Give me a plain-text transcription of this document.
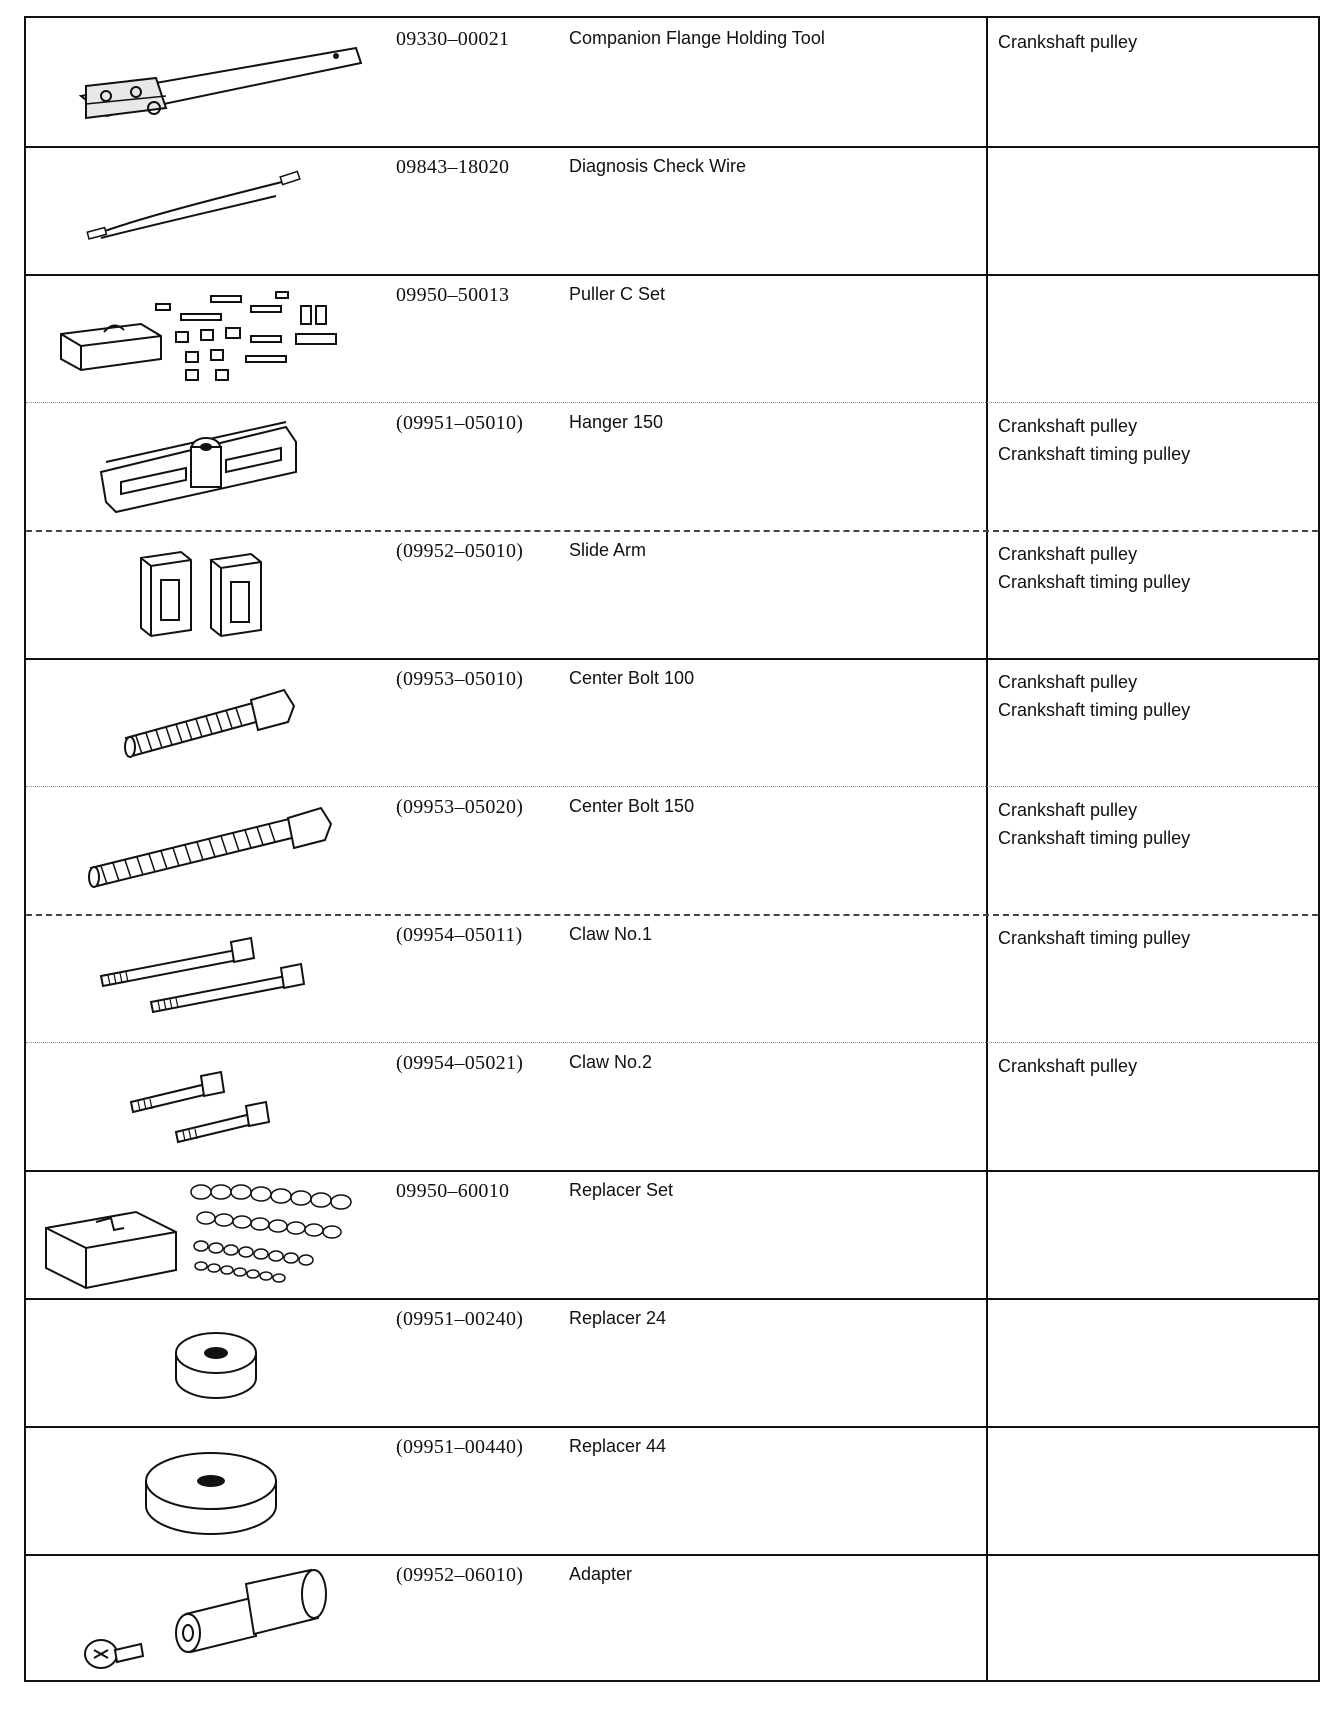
09330–00021	Companion Flange Holding Tool	Crankshaft pulley
09843–18020	Diagnosis Check Wire
09950–50013	Puller C Set
(09951–05010)	Hanger 150	Crankshaft pulley
Crankshaft timing pulley
(09952–05010)	Slide Arm	Crankshaft pulley
Crankshaft timing pulley
(09953–05010)	Center Bolt 100	Crankshaft pulley
Crankshaft timing pulley
(09953–05020)	Center Bolt 150	Crankshaft pulley
Crankshaft timing pulley
(09954–05011)	Claw No.1	Crankshaft timing pulley
(09954–05021)	Claw No.2	Crankshaft pulley
09950–60010	Replacer Set
(09951–00240)	Replacer 24
(09951–00440)	Replacer 44
(09952–06010)	Adapter
